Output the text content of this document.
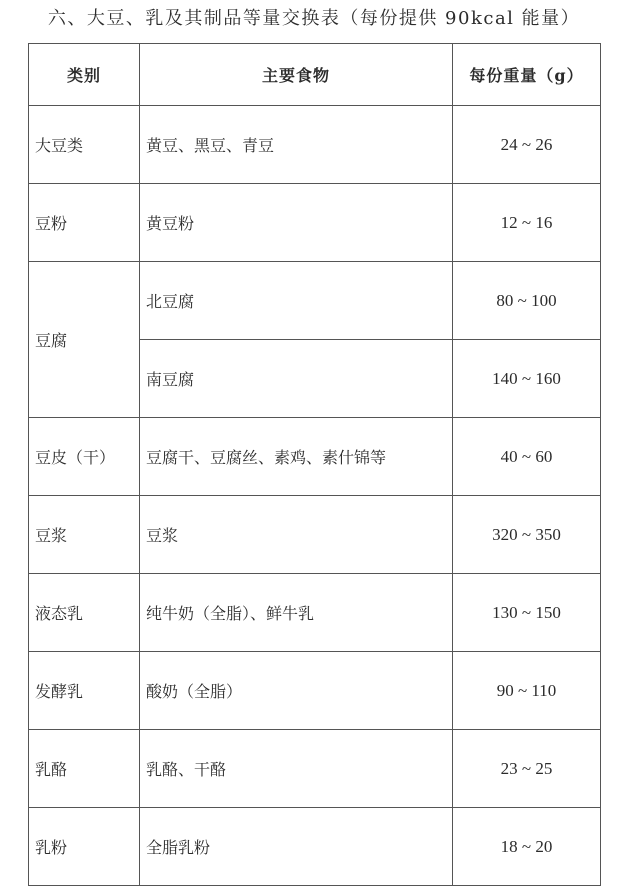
六、大豆、乳及其制品等量交换表（每份提供 90kcal 能量）
类别	主要食物	每份重量（g）
大豆类	黄豆、黑豆、青豆	24 ~ 26
豆粉	黄豆粉	12 ~ 16
豆腐	北豆腐	80 ~ 100
	南豆腐	140 ~ 160
豆皮（干）	豆腐干、豆腐丝、素鸡、素什锦等	40 ~ 60
豆浆	豆浆	320 ~ 350
液态乳	纯牛奶（全脂）、鲜牛乳	130 ~ 150
发酵乳	酸奶（全脂）	90 ~ 110
乳酪	乳酪、干酪	23 ~ 25
乳粉	全脂乳粉	18 ~ 20
